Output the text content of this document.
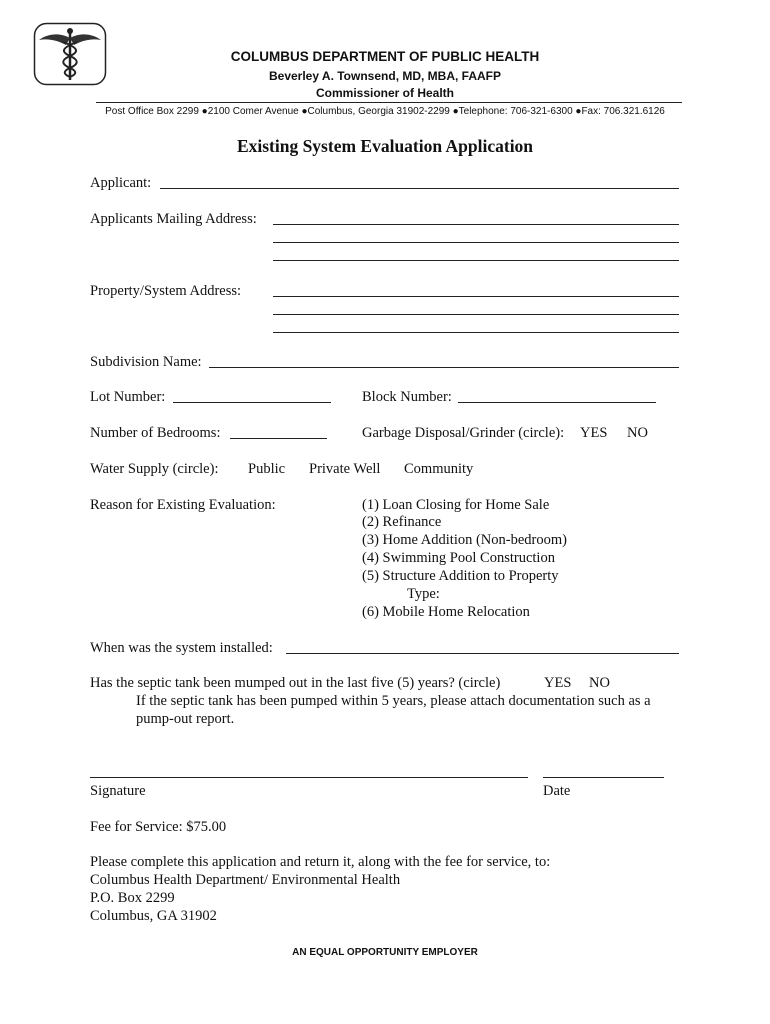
COLUMBUS DEPARTMENT OF PUBLIC HEALTH
Beverley A. Townsend, MD, MBA, FAAFP
Commissioner of Health
Post Office Box 2299 ●2100 Comer Avenue ●Columbus, Georgia 31902-2299 ●Telephone: 706-321-6300 ●Fax: 706.321.6126
Existing System Evaluation Application
Applicant:
Applicants Mailing Address:
Property/System Address:
Subdivision Name:
Lot Number:	Block Number:
Number of Bedrooms:	Garbage Disposal/Grinder (circle): YES NO
Water Supply (circle): Public Private Well Community
Reason for Existing Evaluation:	(1) Loan Closing for Home Sale
(2) Refinance
(3) Home Addition (Non-bedroom)
(4) Swimming Pool Construction
(5) Structure Addition to Property
Type:
(6) Mobile Home Relocation
When was the system installed:
Has the septic tank been mumped out in the last five (5) years? (circle)	YES NO
If the septic tank has been pumped within 5 years, please attach documentation such as a
pump-out report.
Signature	Date
Fee for Service: $75.00
Please complete this application and return it, along with the fee for service, to:
Columbus Health Department/ Environmental Health
P.O. Box 2299
Columbus, GA 31902
AN EQUAL OPPORTUNITY EMPLOYER
